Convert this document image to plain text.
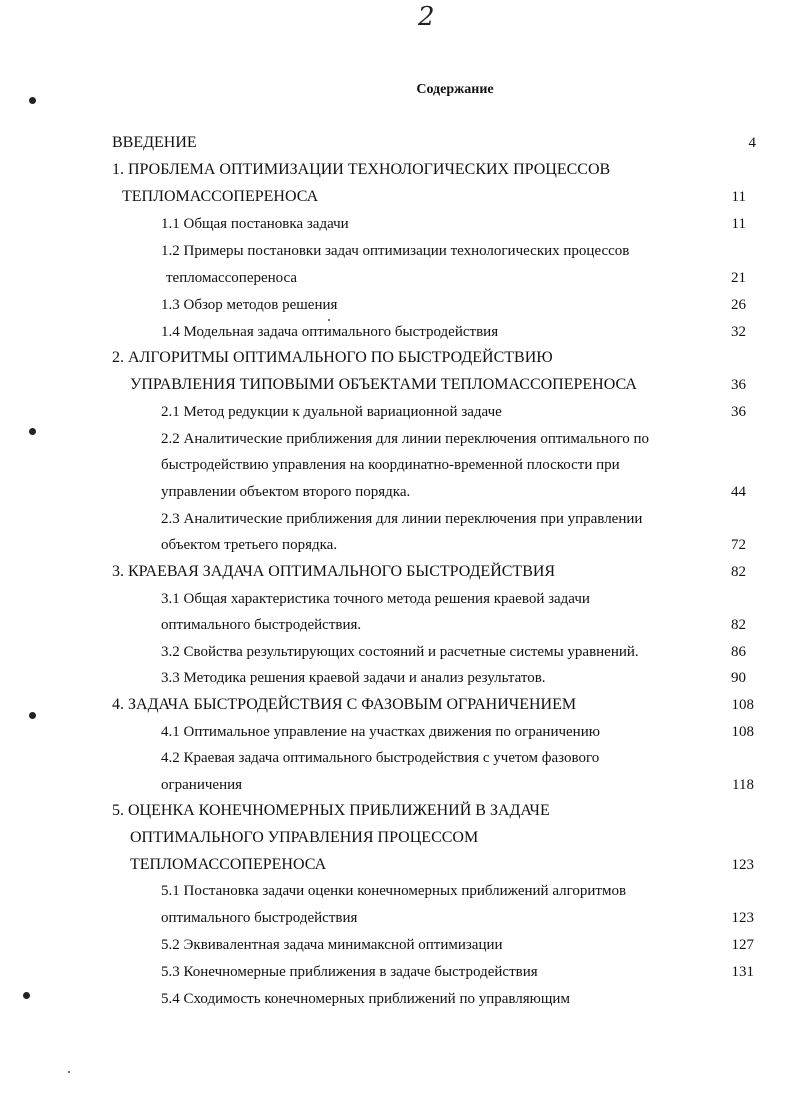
2
Содержание
ВВЕДЕНИЕ	4
1. ПРОБЛЕМА ОПТИМИЗАЦИИ ТЕХНОЛОГИЧЕСКИХ ПРОЦЕССОВ
ТЕПЛОМАССОПЕРЕНОСА	11
1.1 Общая постановка задачи	11
1.2 Примеры постановки задач оптимизации технологических процессов
тепломассопереноса	21
1.3 Обзор методов решения	26
1.4 Модельная задача оптимального быстродействия	32
2. АЛГОРИТМЫ ОПТИМАЛЬНОГО ПО БЫСТРОДЕЙСТВИЮ
УПРАВЛЕНИЯ ТИПОВЫМИ ОБЪЕКТАМИ ТЕПЛОМАССОПЕРЕНОСА	36
2.1 Метод редукции к дуальной вариационной задаче	36
2.2 Аналитические приближения для линии переключения оптимального по
быстродействию управления на координатно-временной плоскости при
управлении объектом второго порядка.	44
2.3 Аналитические приближения для линии переключения при управлении
объектом третьего порядка.	72
3. КРАЕВАЯ ЗАДАЧА ОПТИМАЛЬНОГО БЫСТРОДЕЙСТВИЯ	82
3.1 Общая характеристика точного метода решения краевой задачи
оптимального быстродействия.	82
3.2 Свойства результирующих состояний и расчетные системы уравнений.	86
3.3 Методика решения краевой задачи и анализ результатов.	90
4. ЗАДАЧА БЫСТРОДЕЙСТВИЯ С ФАЗОВЫМ ОГРАНИЧЕНИЕМ	108
4.1 Оптимальное управление на участках движения по ограничению	108
4.2 Краевая задача оптимального быстродействия с учетом фазового
ограничения	118
5. ОЦЕНКА КОНЕЧНОМЕРНЫХ ПРИБЛИЖЕНИЙ В ЗАДАЧЕ
ОПТИМАЛЬНОГО УПРАВЛЕНИЯ ПРОЦЕССОМ
ТЕПЛОМАССОПЕРЕНОСА	123
5.1 Постановка задачи оценки конечномерных приближений алгоритмов
оптимального быстродействия	123
5.2 Эквивалентная задача минимаксной оптимизации	127
5.3 Конечномерные приближения в задаче быстродействия	131
5.4 Сходимость конечномерных приближений по управляющим
